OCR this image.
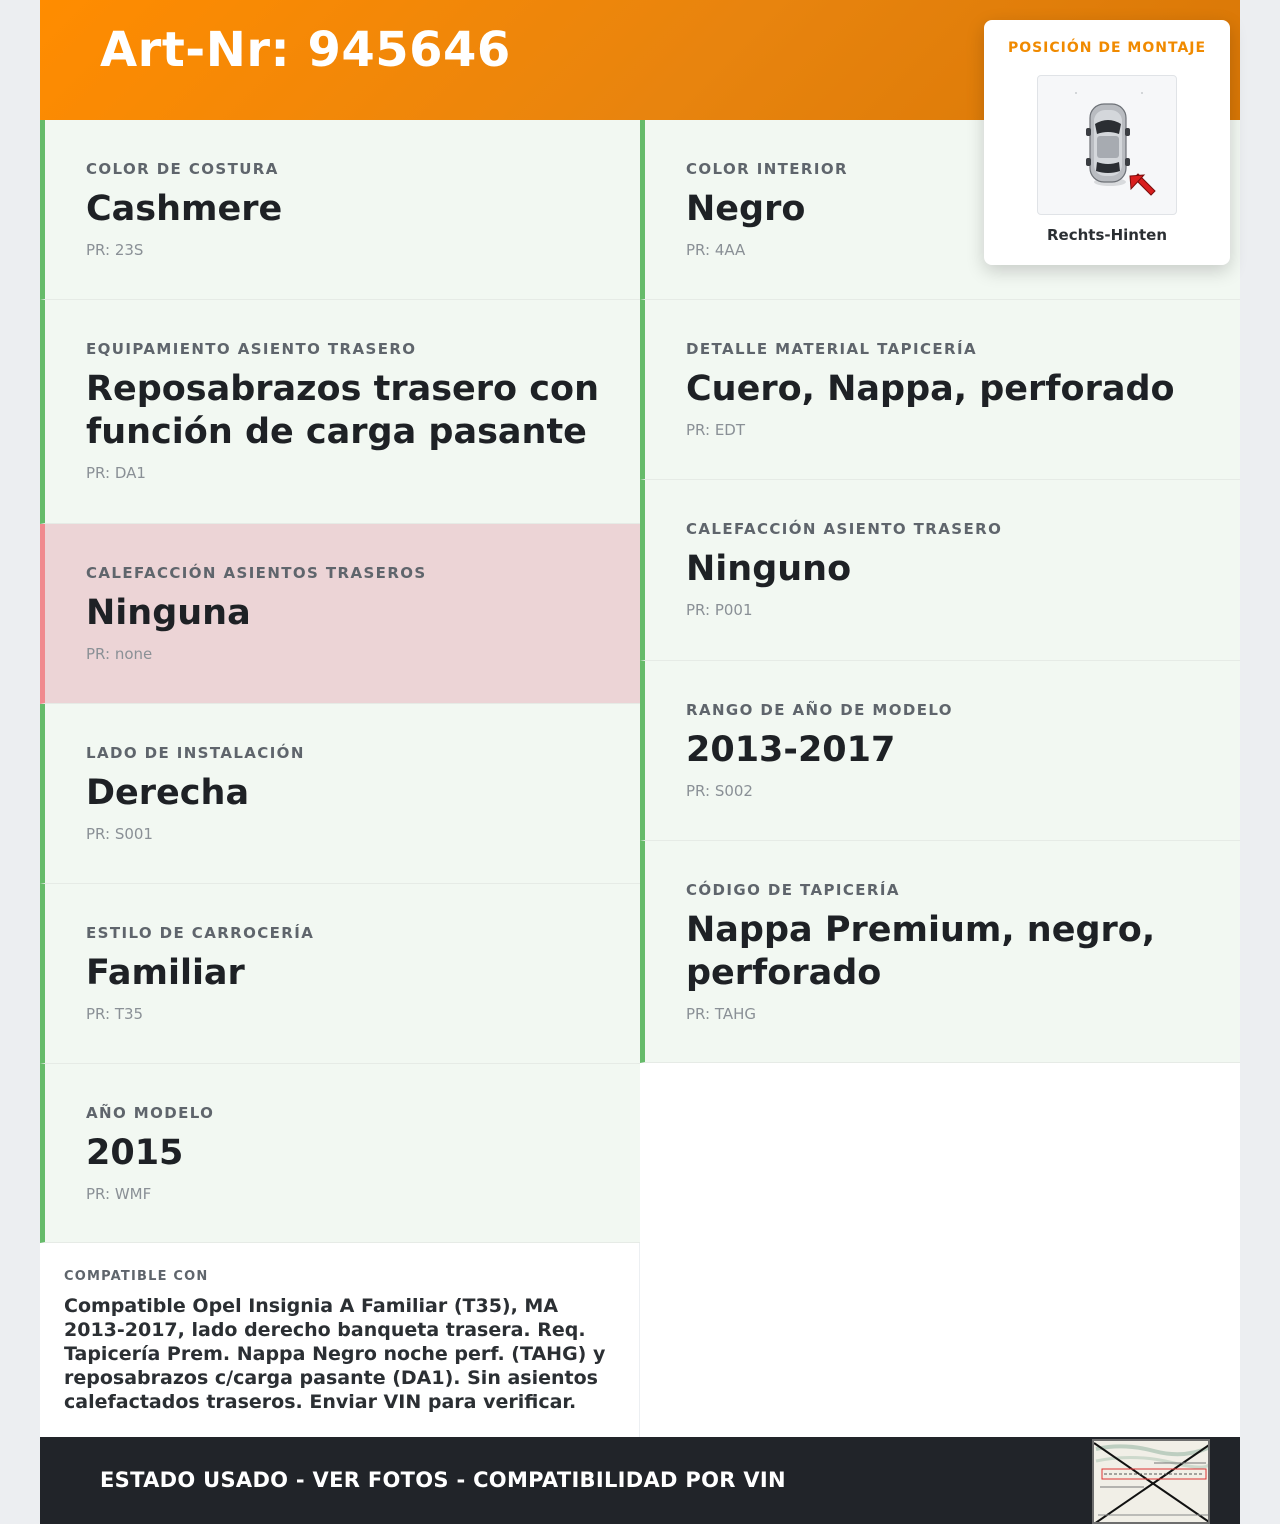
Art-Nr: 945646	POSICIÓN DE MONTAJE
Rechts-Hinten
COLOR DE COSTURA
Cashmere
PR: 23S
EQUIPAMIENTO ASIENTO TRASERO
Reposabrazos trasero con función de carga pasante
PR: DA1
CALEFACCIÓN ASIENTOS TRASEROS
Ninguna
PR: none
LADO DE INSTALACIÓN
Derecha
PR: S001
ESTILO DE CARROCERÍA
Familiar
PR: T35
AÑO MODELO
2015
PR: WMF
COLOR INTERIOR
Negro
PR: 4AA
DETALLE MATERIAL TAPICERÍA
Cuero, Nappa, perforado
PR: EDT
CALEFACCIÓN ASIENTO TRASERO
Ninguno
PR: P001
RANGO DE AÑO DE MODELO
2013-2017
PR: S002
CÓDIGO DE TAPICERÍA
Nappa Premium, negro, perforado
PR: TAHG
COMPATIBLE CON
Compatible Opel Insignia A Familiar (T35), MA 2013-2017, lado derecho banqueta trasera. Req. Tapicería Prem. Nappa Negro noche perf. (TAHG) y reposabrazos c/carga pasante (DA1). Sin asientos calefactados traseros. Enviar VIN para verificar.
ESTADO USADO - VER FOTOS - COMPATIBILIDAD POR VIN
